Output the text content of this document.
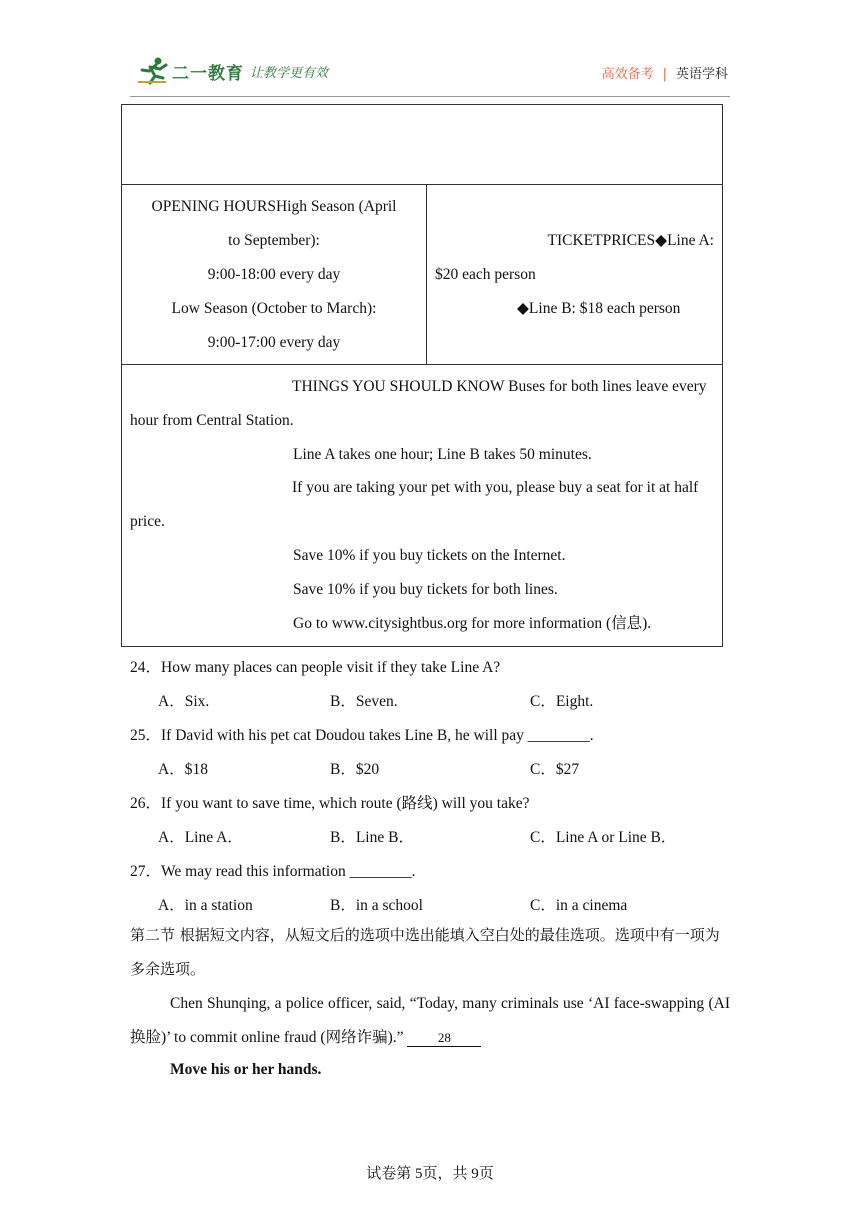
二一教育 让教学更有效	高效备考 | 英语学科

OPENING HOURSHigh Season (April
to September):
9:00-18:00 every day
Low Season (October to March):
9:00-17:00 every day

TICKETPRICES◆Line A:
$20 each person
◆Line B: $18 each person

THINGS YOU SHOULD KNOW Buses for both lines leave every hour from Central Station.
Line A takes one hour; Line B takes 50 minutes.
If you are taking your pet with you, please buy a seat for it at half price.
Save 10% if you buy tickets on the Internet.
Save 10% if you buy tickets for both lines.
Go to www.citysightbus.org for more information (信息).
24．How many places can people visit if they take Line A?
A．Six.	B．Seven.	C．Eight.
25．If David with his pet cat Doudou takes Line B, he will pay ________.
A．$18	B．$20	C．$27
26．If you want to save time, which route (路线) will you take?
A．Line A．	B．Line B．	C．Line A or Line B．
27．We may read this information ________.
A．in a station	B．in a school	C．in a cinema
第二节 根据短文内容，从短文后的选项中选出能填入空白处的最佳选项。选项中有一项为多余选项。
Chen Shunqing, a police officer, said, “Today, many criminals use ‘AI face-swapping (AI 换脸)’ to commit online fraud (网络诈骗).” 28
Move his or her hands.
试卷第 5页，共 9页
